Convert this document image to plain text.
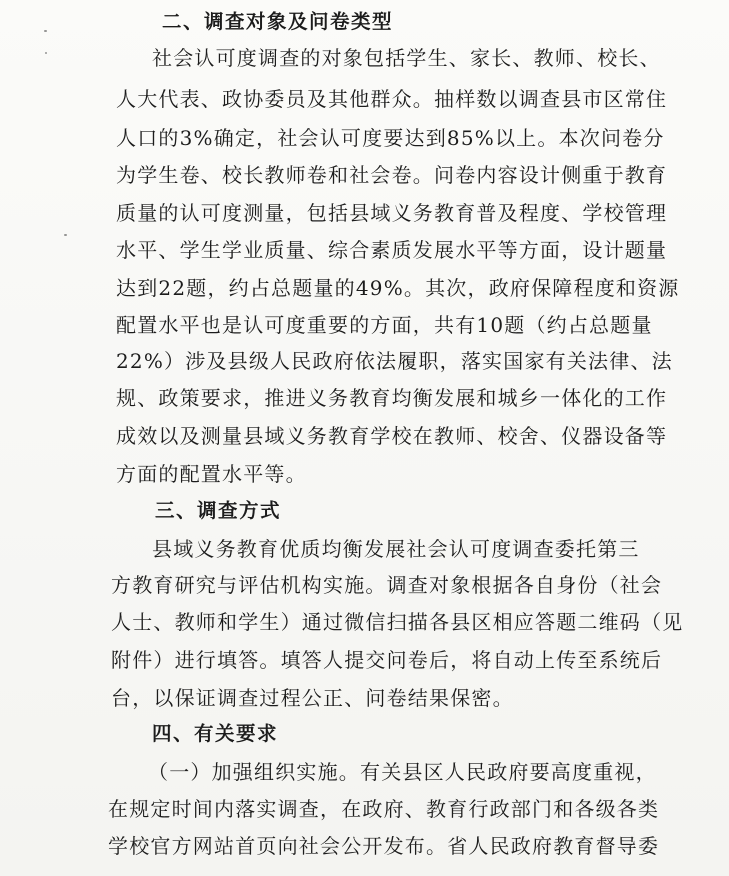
二、调查对象及问卷类型
社会认可度调查的对象包括学生、家长、教师、校长、
人大代表、政协委员及其他群众。抽样数以调查县市区常住
人口的3%确定，社会认可度要达到85%以上。本次问卷分
为学生卷、校长教师卷和社会卷。问卷内容设计侧重于教育
质量的认可度测量，包括县域义务教育普及程度、学校管理
水平、学生学业质量、综合素质发展水平等方面，设计题量
达到22题，约占总题量的49%。其次，政府保障程度和资源
配置水平也是认可度重要的方面，共有10题（约占总题量
22%）涉及县级人民政府依法履职，落实国家有关法律、法
规、政策要求，推进义务教育均衡发展和城乡一体化的工作
成效以及测量县域义务教育学校在教师、校舍、仪器设备等
方面的配置水平等。
三、调查方式
县域义务教育优质均衡发展社会认可度调查委托第三
方教育研究与评估机构实施。调查对象根据各自身份（社会
人士、教师和学生）通过微信扫描各县区相应答题二维码（见
附件）进行填答。填答人提交问卷后，将自动上传至系统后
台，以保证调查过程公正、问卷结果保密。
四、有关要求
（一）加强组织实施。有关县区人民政府要高度重视，
在规定时间内落实调查，在政府、教育行政部门和各级各类
学校官方网站首页向社会公开发布。省人民政府教育督导委
